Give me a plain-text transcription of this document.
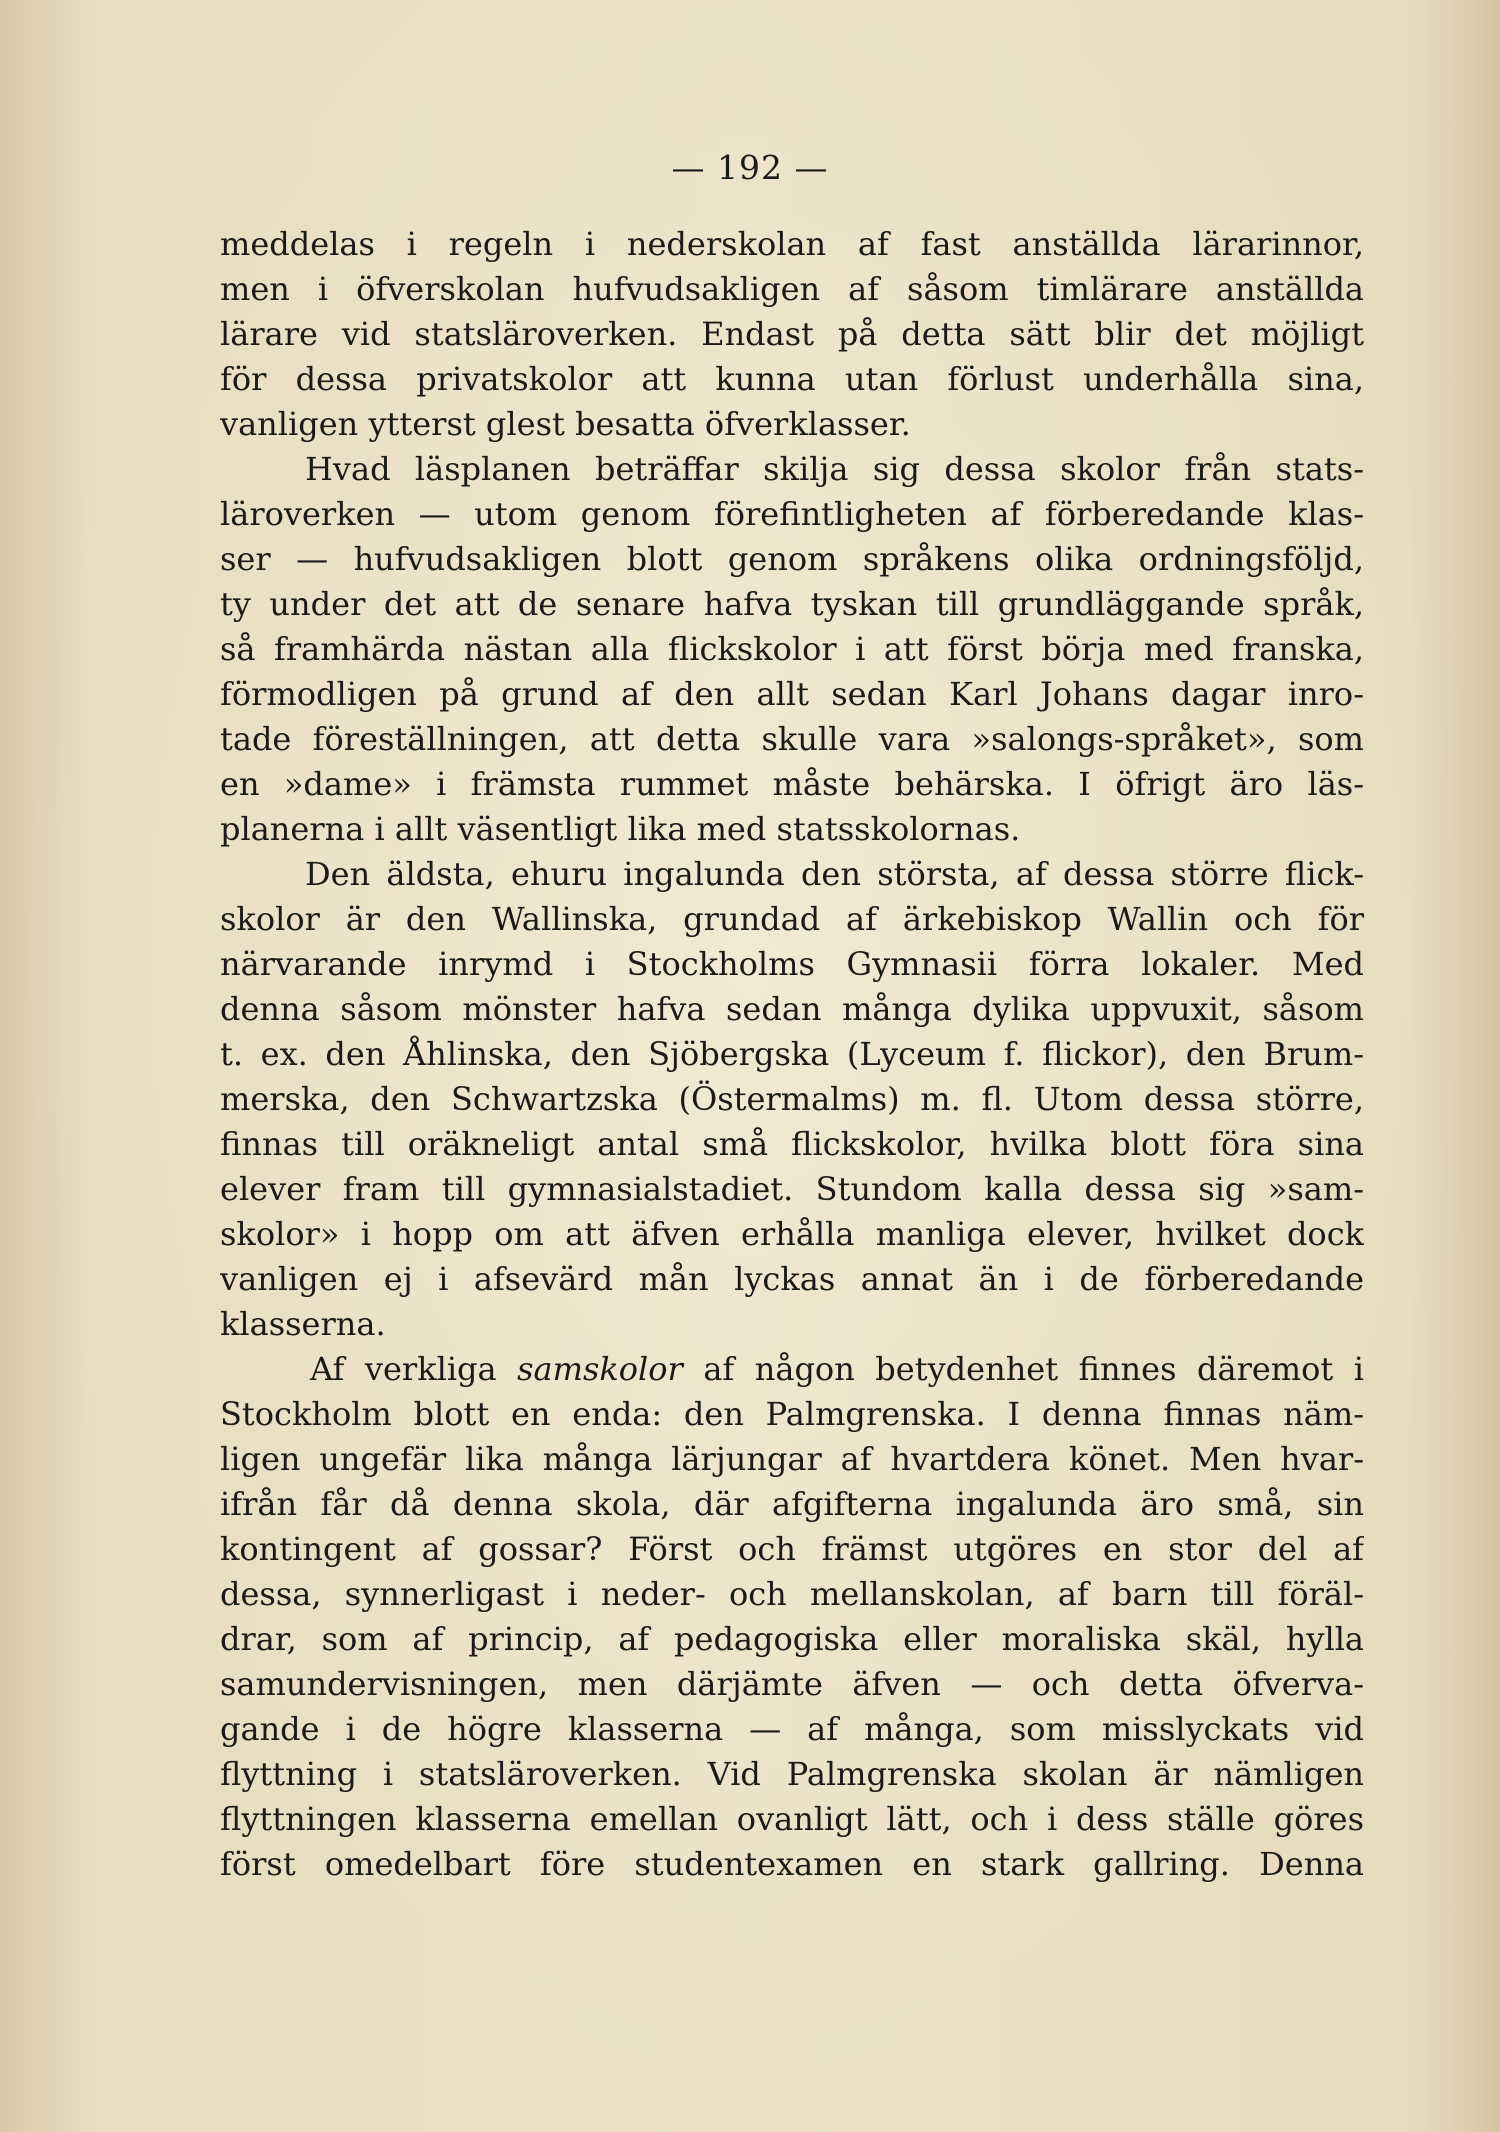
— 192 —
meddelas i regeln i nederskolan af fast anställda lärarinnor,
men i öfverskolan hufvudsakligen af såsom timlärare anställda
lärare vid statsläroverken. Endast på detta sätt blir det möjligt
för dessa privatskolor att kunna utan förlust underhålla sina,
vanligen ytterst glest besatta öfverklasser.
Hvad läsplanen beträffar skilja sig dessa skolor från stats-
läroverken — utom genom förefintligheten af förberedande klas-
ser — hufvudsakligen blott genom språkens olika ordningsföljd,
ty under det att de senare hafva tyskan till grundläggande språk,
så framhärda nästan alla flickskolor i att först börja med franska,
förmodligen på grund af den allt sedan Karl Johans dagar inro-
tade föreställningen, att detta skulle vara »salongs-språket», som
en »dame» i främsta rummet måste behärska. I öfrigt äro läs-
planerna i allt väsentligt lika med statsskolornas.
Den äldsta, ehuru ingalunda den största, af dessa större flick-
skolor är den Wallinska, grundad af ärkebiskop Wallin och för
närvarande inrymd i Stockholms Gymnasii förra lokaler. Med
denna såsom mönster hafva sedan många dylika uppvuxit, såsom
t. ex. den Åhlinska, den Sjöbergska (Lyceum f. flickor), den Brum-
merska, den Schwartzska (Östermalms) m. fl. Utom dessa större,
finnas till oräkneligt antal små flickskolor, hvilka blott föra sina
elever fram till gymnasialstadiet. Stundom kalla dessa sig »sam-
skolor» i hopp om att äfven erhålla manliga elever, hvilket dock
vanligen ej i afsevärd mån lyckas annat än i de förberedande
klasserna.
Af verkliga samskolor af någon betydenhet finnes däremot i
Stockholm blott en enda: den Palmgrenska. I denna finnas näm-
ligen ungefär lika många lärjungar af hvartdera könet. Men hvar-
ifrån får då denna skola, där afgifterna ingalunda äro små, sin
kontingent af gossar? Först och främst utgöres en stor del af
dessa, synnerligast i neder- och mellanskolan, af barn till föräl-
drar, som af princip, af pedagogiska eller moraliska skäl, hylla
samundervisningen, men därjämte äfven — och detta öfverva-
gande i de högre klasserna — af många, som misslyckats vid
flyttning i statsläroverken. Vid Palmgrenska skolan är nämligen
flyttningen klasserna emellan ovanligt lätt, och i dess ställe göres
först omedelbart före studentexamen en stark gallring. Denna
